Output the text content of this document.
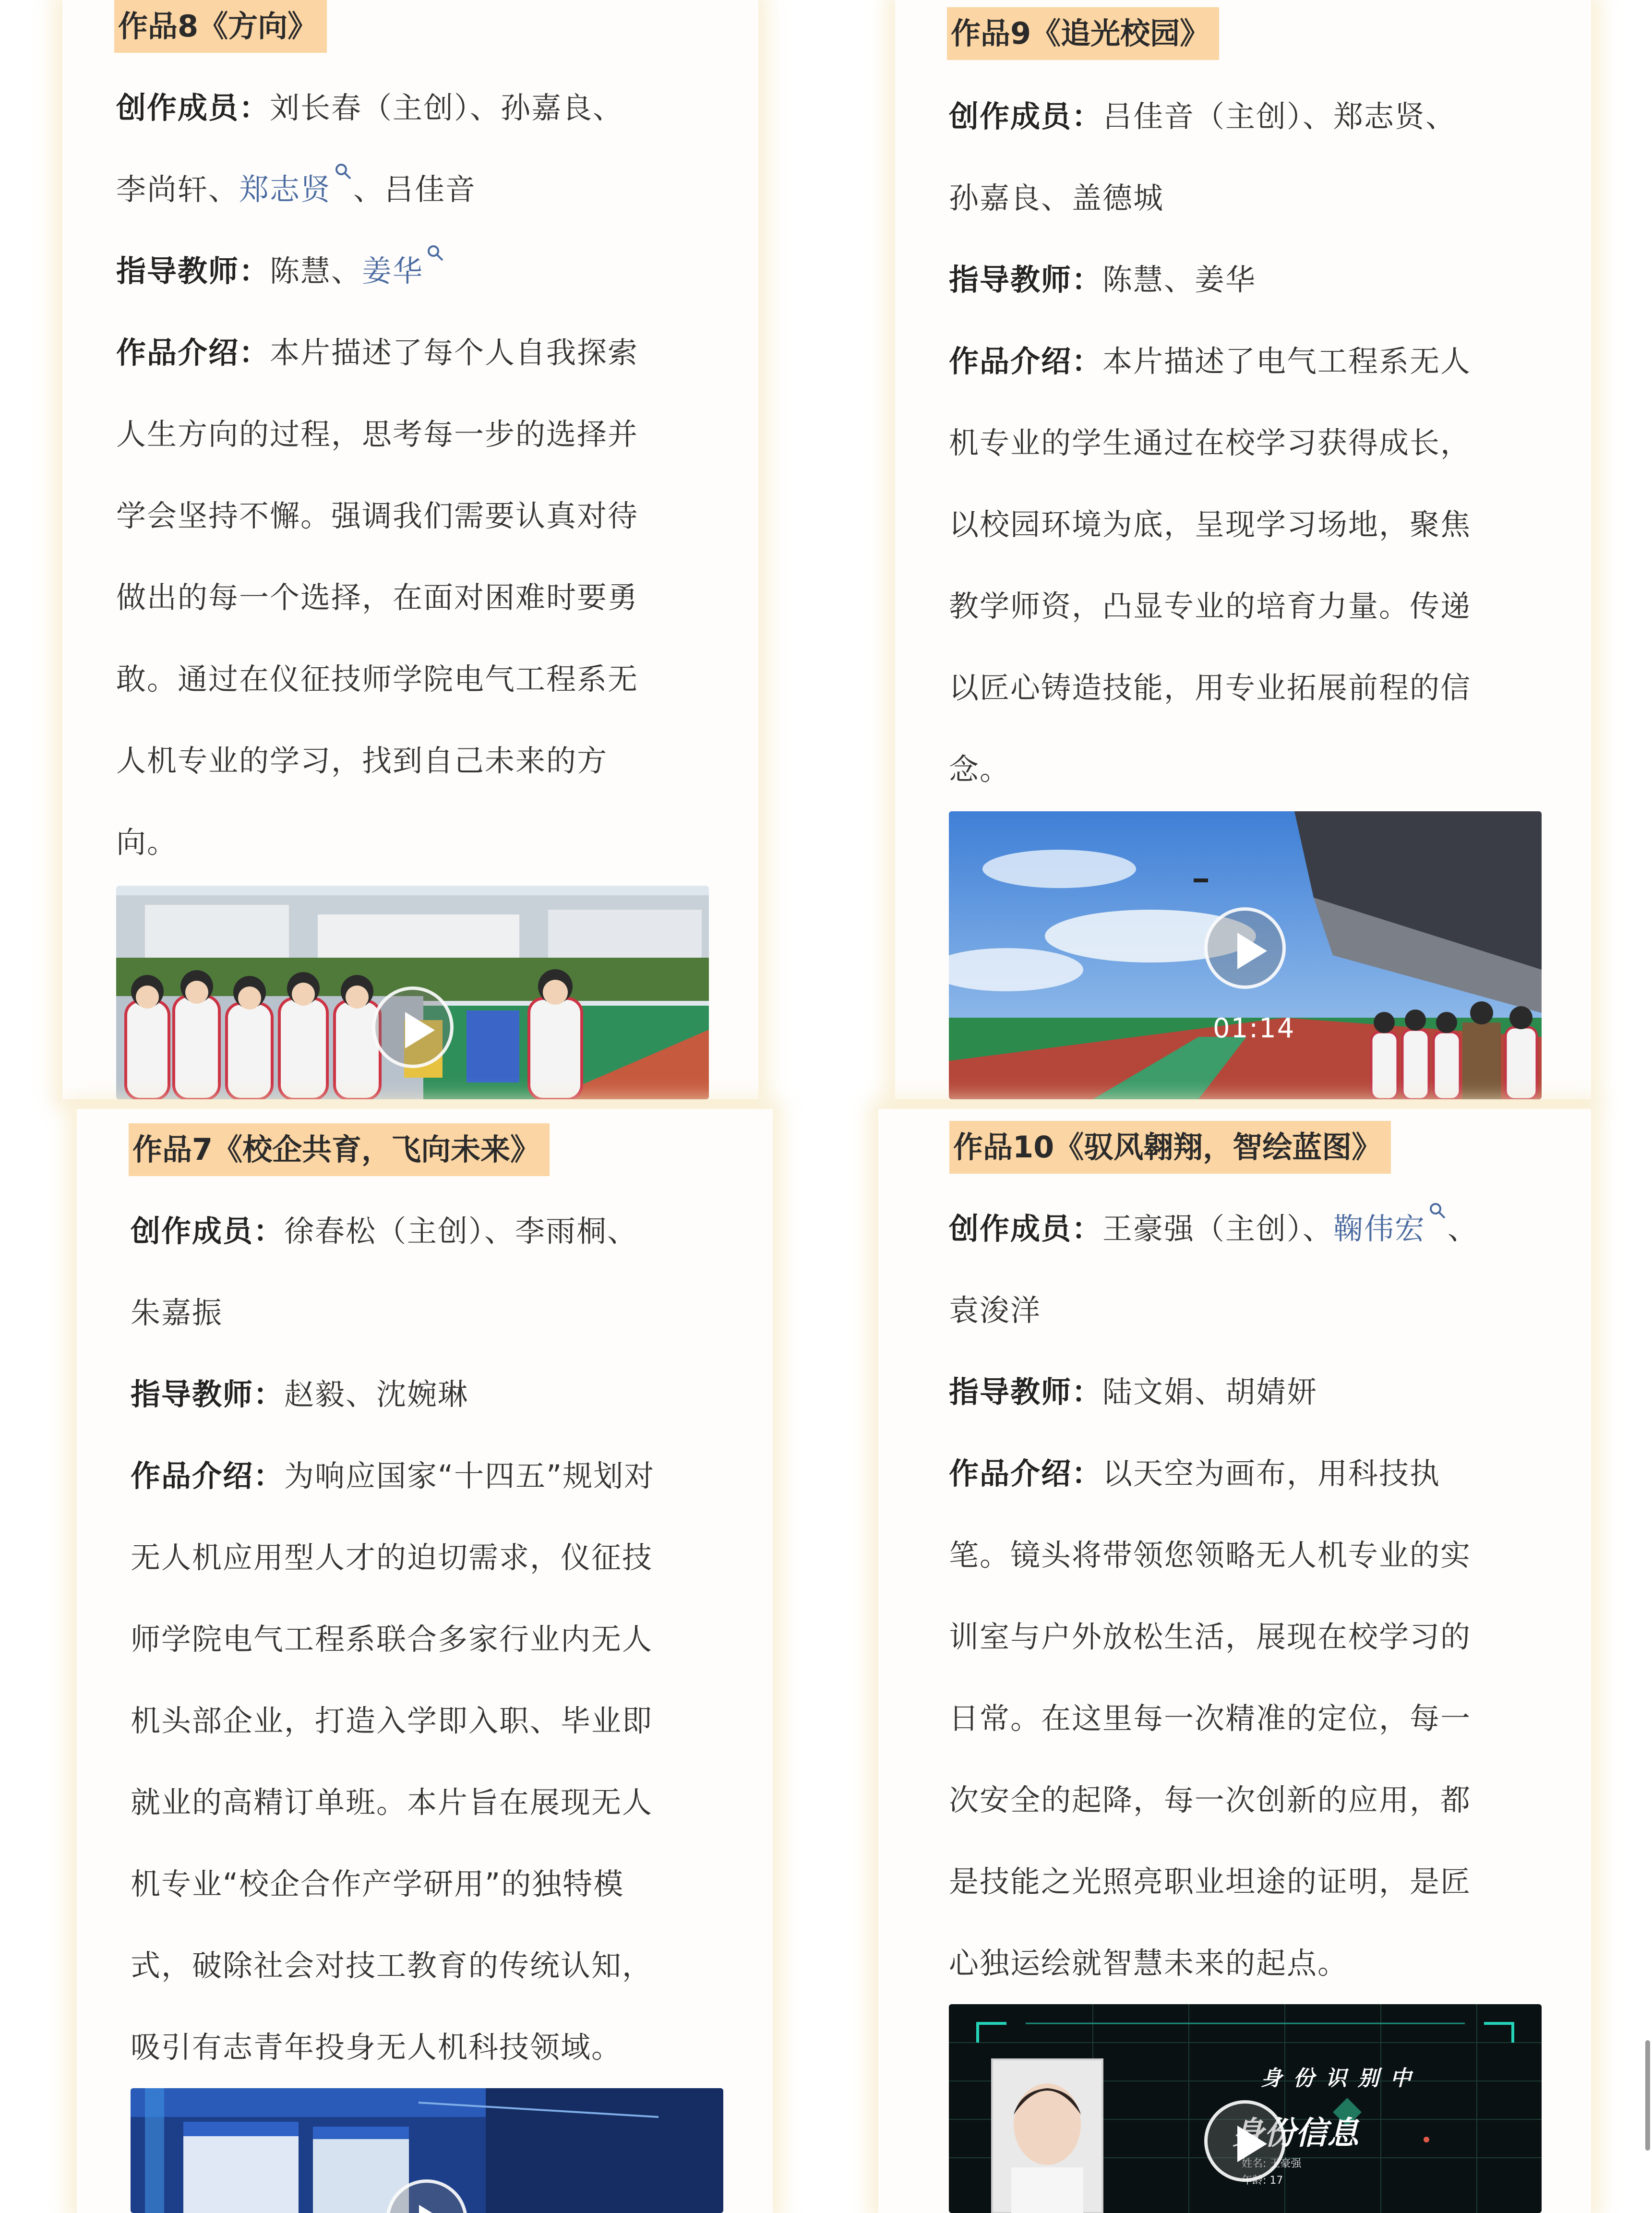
作品8《方向》
创作成员：刘长春（主创）、孙嘉良、
李尚轩、郑志贤 、吕佳音
指导教师：陈慧、姜华
作品介绍：本片描述了每个人自我探索
人生方向的过程，思考每一步的选择并
学会坚持不懈。强调我们需要认真对待
做出的每一个选择，在面对困难时要勇
敢。通过在仪征技师学院电气工程系无
人机专业的学习，找到自己未来的方
向。
作品9《追光校园》
创作成员：吕佳音（主创）、郑志贤、
孙嘉良、盖德城
指导教师：陈慧、姜华
作品介绍：本片描述了电气工程系无人
机专业的学生通过在校学习获得成长，
以校园环境为底，呈现学习场地，聚焦
教学师资，凸显专业的培育力量。传递
以匠心铸造技能，用专业拓展前程的信
念。
01:14
作品7《校企共育，飞向未来》
创作成员：徐春松（主创）、李雨桐、
朱嘉振
指导教师：赵毅、沈婉琳
作品介绍：为响应国家“十四五”规划对
无人机应用型人才的迫切需求，仪征技
师学院电气工程系联合多家行业内无人
机头部企业，打造入学即入职、毕业即
就业的高精订单班。本片旨在展现无人
机专业“校企合作产学研用”的独特模
式，破除社会对技工教育的传统认知，
吸引有志青年投身无人机科技领域。
作品10《驭风翱翔，智绘蓝图》
创作成员：王豪强（主创）、鞠伟宏 、
袁浚洋
指导教师：陆文娟、胡婧妍
作品介绍：以天空为画布，用科技执
笔。镜头将带领您领略无人机专业的实
训室与户外放松生活，展现在校学习的
日常。在这里每一次精准的定位，每一
次安全的起降，每一次创新的应用，都
是技能之光照亮职业坦途的证明，是匠
心独运绘就智慧未来的起点。
身 份 识 别 中
身份信息
姓名: 王豪强
年龄: 17
